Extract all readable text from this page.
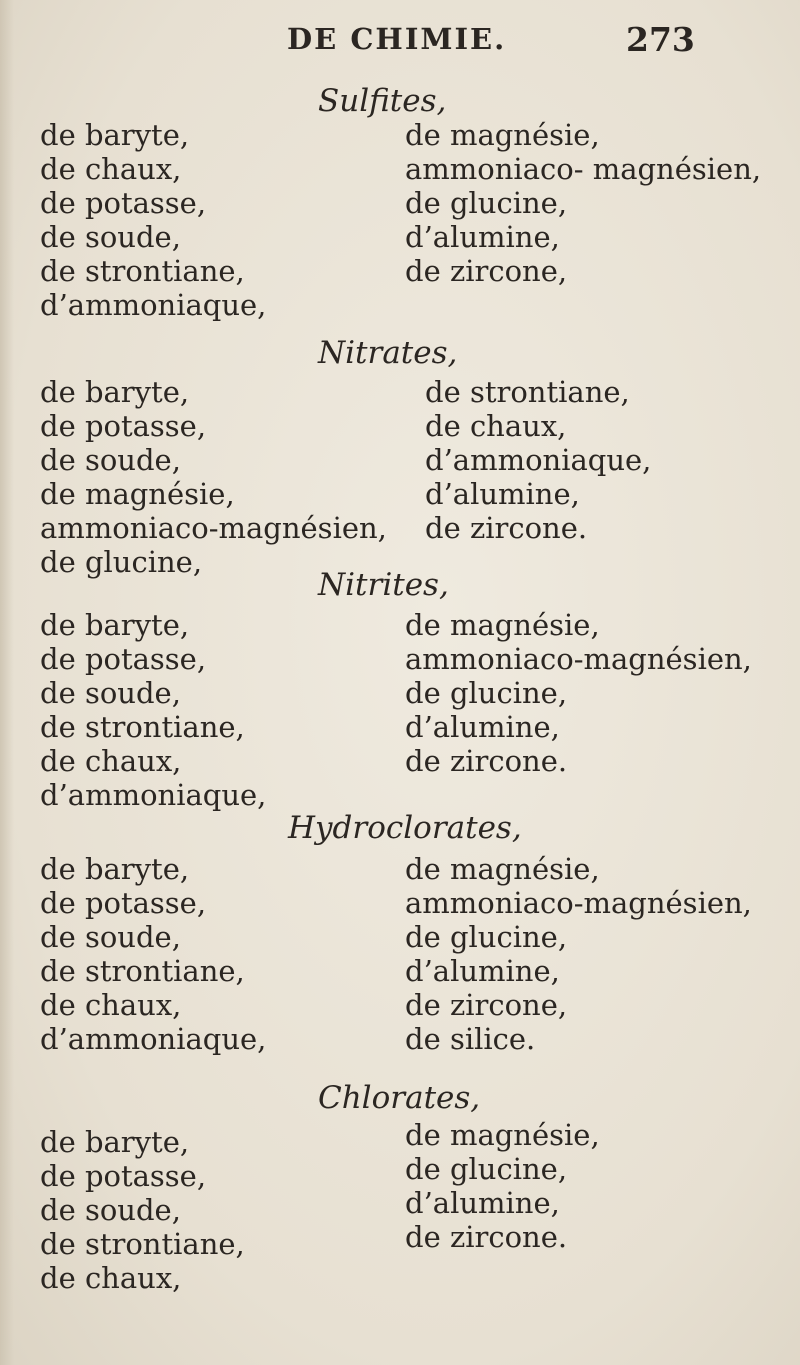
DE CHIMIE.	273
Sulfites,
de baryte,
de chaux,
de potasse,
de soude,
de strontiane,
d’ammoniaque,
de magnésie,
ammoniaco- magnésien,
de glucine,
d’alumine,
de zircone,
Nitrates,
de baryte,
de potasse,
de soude,
de magnésie,
ammoniaco-magnésien,
de glucine,
de strontiane,
de chaux,
d’ammoniaque,
d’alumine,
de zircone.
Nitrites,
de baryte,
de potasse,
de soude,
de strontiane,
de chaux,
d’ammoniaque,
de magnésie,
ammoniaco-magnésien,
de glucine,
d’alumine,
de zircone.
Hydroclorates,
de baryte,
de potasse,
de soude,
de strontiane,
de chaux,
d’ammoniaque,
de magnésie,
ammoniaco-magnésien,
de glucine,
d’alumine,
de zircone,
de silice.
Chlorates,
de baryte,
de potasse,
de soude,
de strontiane,
de chaux,
de magnésie,
de glucine,
d’alumine,
de zircone.
